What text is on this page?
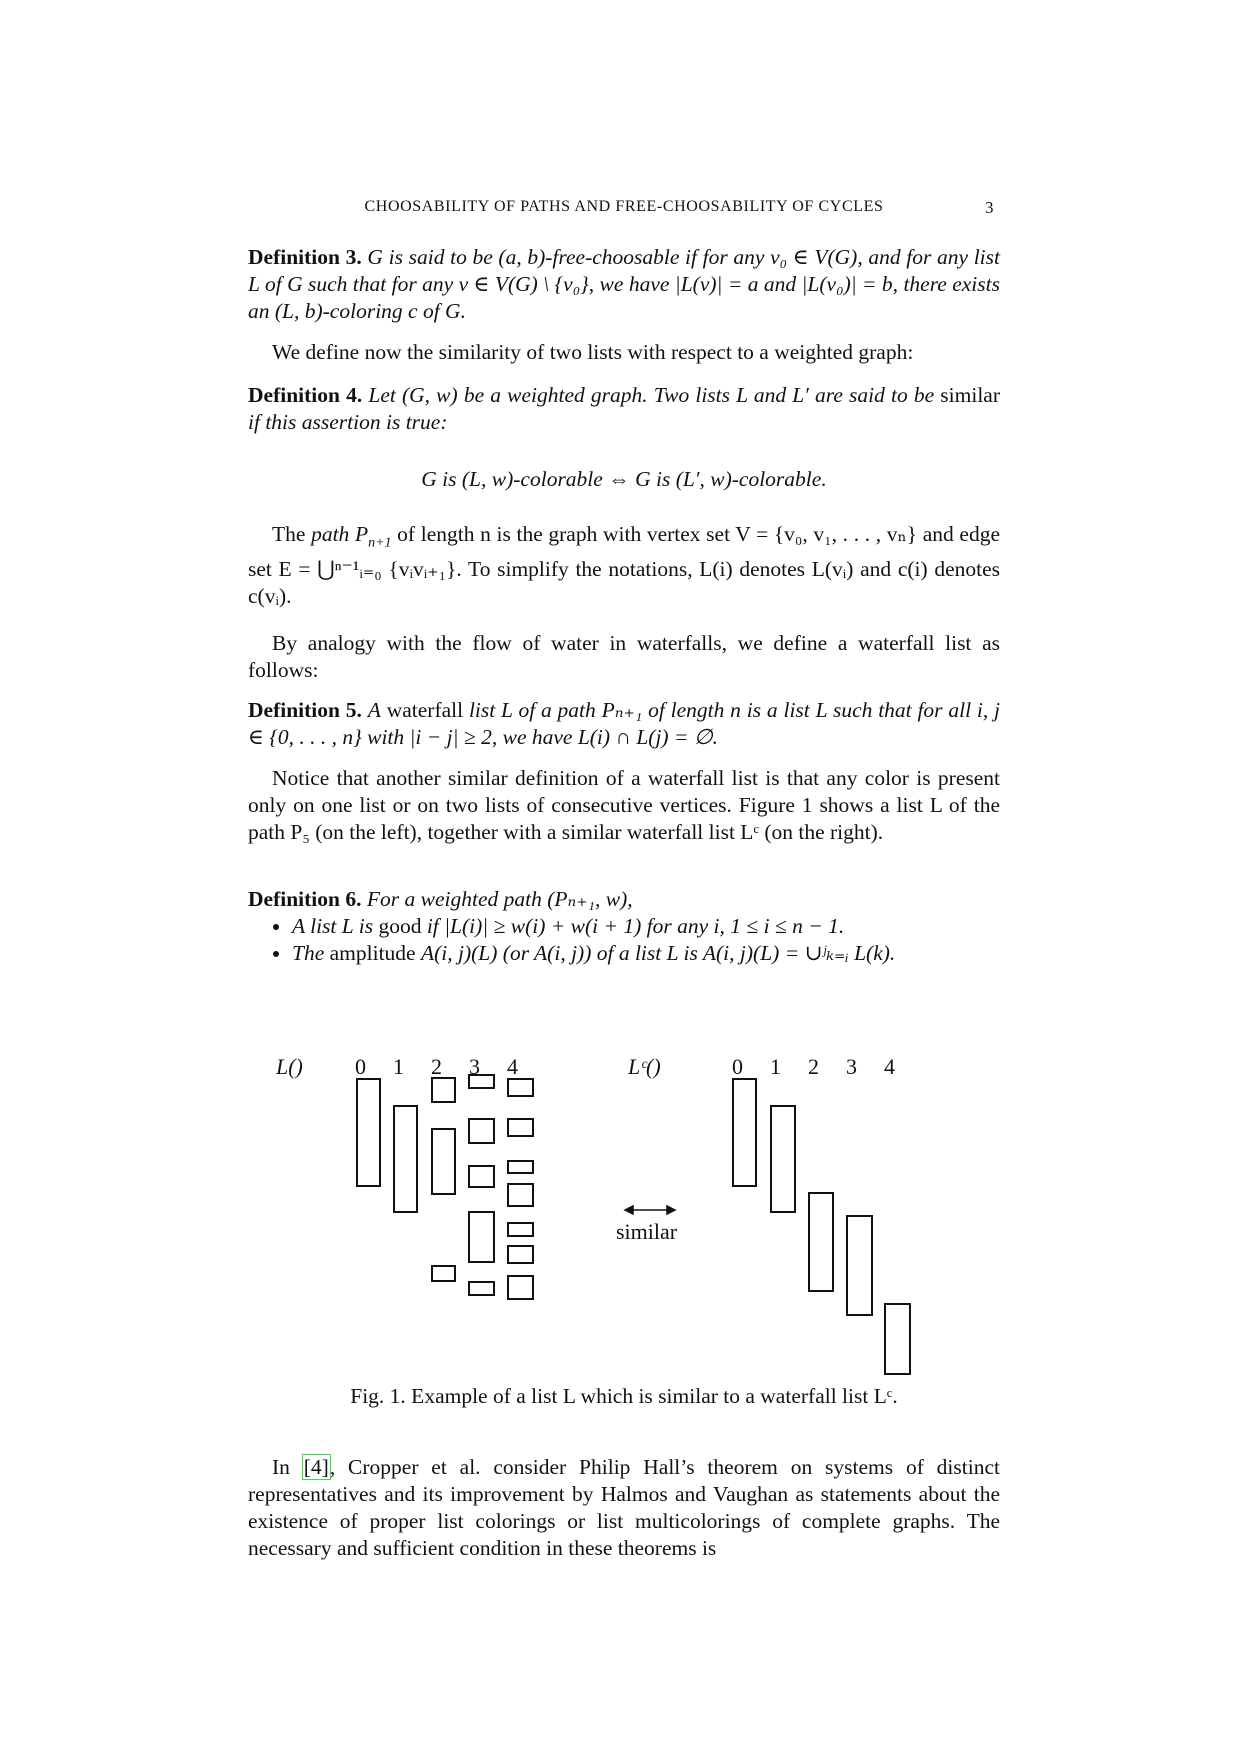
CHOOSABILITY OF PATHS AND FREE-CHOOSABILITY OF CYCLES	3
Definition 3. G is said to be (a, b)-free-choosable if for any v₀ ∈ V(G), and for any list L of G such that for any v ∈ V(G) \ {v₀}, we have |L(v)| = a and |L(v₀)| = b, there exists an (L, b)-coloring c of G.
We define now the similarity of two lists with respect to a weighted graph:
Definition 4. Let (G, w) be a weighted graph. Two lists L and L′ are said to be similar if this assertion is true:
G is (L, w)-colorable ⇔ G is (L′, w)-colorable.
The path $P_{n+1}$ of length n is the graph with vertex set V = {v₀, v₁, . . . , vₙ} and edge set E = ⋃ⁿ⁻¹ᵢ₌₀ {vᵢvᵢ₊₁}. To simplify the notations, L(i) denotes L(vᵢ) and c(i) denotes c(vᵢ).
By analogy with the flow of water in waterfalls, we define a waterfall list as follows:
Definition 5. A waterfall list L of a path Pₙ₊₁ of length n is a list L such that for all i, j ∈ {0, . . . , n} with |i − j| ≥ 2, we have L(i) ∩ L(j) = ∅.
Notice that another similar definition of a waterfall list is that any color is present only on one list or on two lists of consecutive vertices. Figure 1 shows a list L of the path P₅ (on the left), together with a similar waterfall list Lᶜ (on the right).
Definition 6. For a weighted path (Pₙ₊₁, w),
• A list L is good if |L(i)| ≥ w(i) + w(i + 1) for any i, 1 ≤ i ≤ n − 1.
• The amplitude A(i, j)(L) (or A(i, j)) of a list L is A(i, j)(L) = ∪ʲₖ₌ᵢ L(k).
L() 0 1 2 3 4	Lᶜ()	0 1 2 3 4
similar
Fig. 1. Example of a list L which is similar to a waterfall list Lᶜ.
In [4], Cropper et al. consider Philip Hall’s theorem on systems of distinct representatives and its improvement by Halmos and Vaughan as statements about the existence of proper list colorings or list multicolorings of complete graphs. The necessary and sufficient condition in these theorems is
